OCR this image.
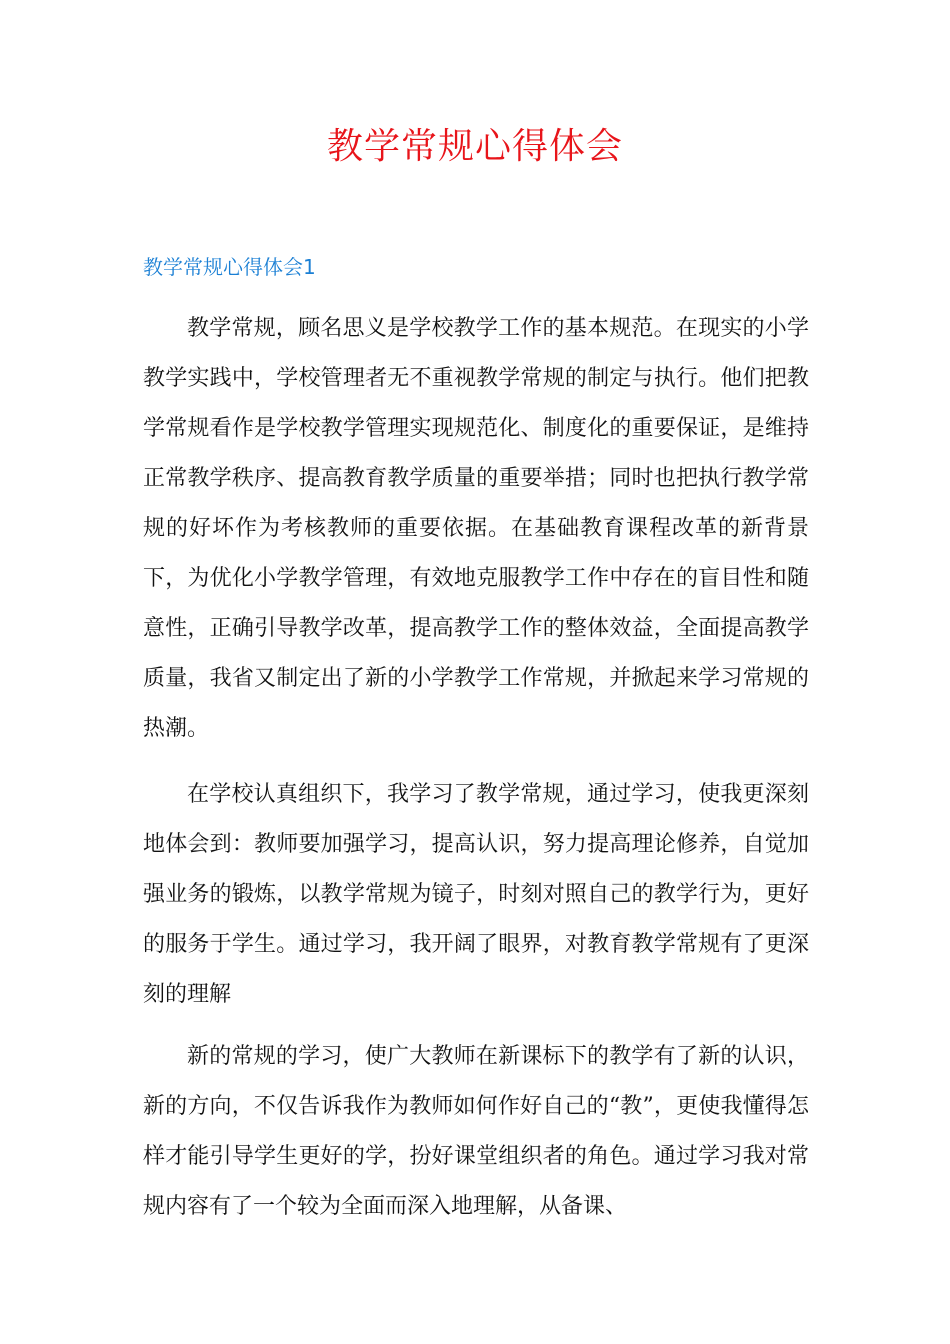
教学常规心得体会
教学常规心得体会1

教学常规，顾名思义是学校教学工作的基本规范。在现实的小学教学实践中，学校管理者无不重视教学常规的制定与执行。他们把教学常规看作是学校教学管理实现规范化、制度化的重要保证，是维持正常教学秩序、提高教育教学质量的重要举措；同时也把执行教学常规的好坏作为考核教师的重要依据。在基础教育课程改革的新背景下，为优化小学教学管理，有效地克服教学工作中存在的盲目性和随意性，正确引导教学改革，提高教学工作的整体效益，全面提高教学质量，我省又制定出了新的小学教学工作常规，并掀起来学习常规的热潮。

在学校认真组织下，我学习了教学常规，通过学习，使我更深刻地体会到：教师要加强学习，提高认识，努力提高理论修养，自觉加强业务的锻炼，以教学常规为镜子，时刻对照自己的教学行为，更好的服务于学生。通过学习，我开阔了眼界，对教育教学常规有了更深刻的理解

新的常规的学习，使广大教师在新课标下的教学有了新的认识，新的方向，不仅告诉我作为教师如何作好自己的“教”，更使我懂得怎样才能引导学生更好的学，扮好课堂组织者的角色。通过学习我对常规内容有了一个较为全面而深入地理解，从备课、
